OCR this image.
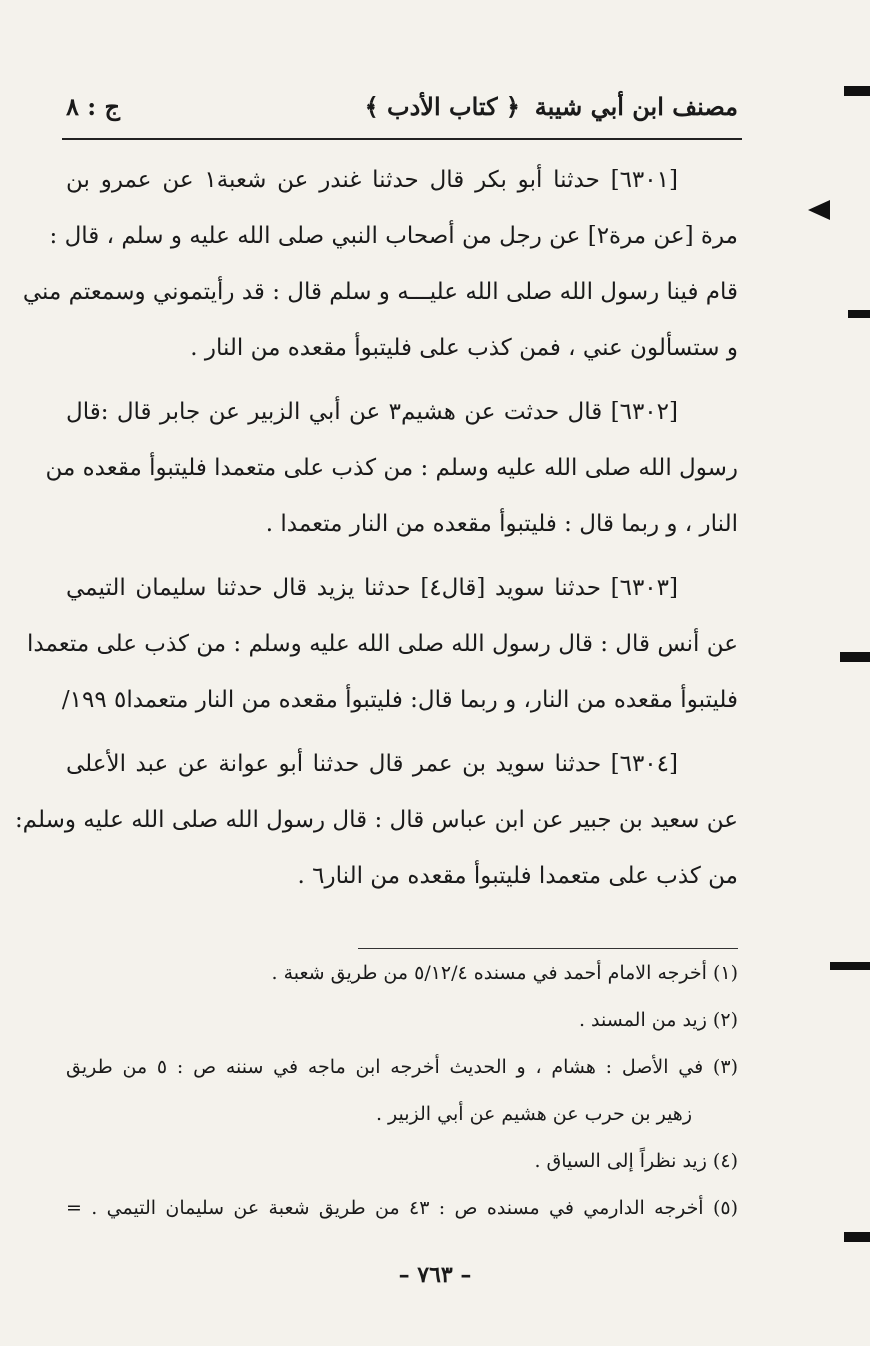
مصنف ابن أبي شيبة
﴿ كتاب الأدب ﴾
ج : ٨
[٦٣٠١] حدثنا أبو بكر قال حدثنا غندر عن شعبة١ عن عمرو بن
مرة [عن مرة٢] عن رجل من أصحاب النبي صلى الله عليه و سلم ، قال :
قام فينا رسول الله صلى الله عليـــه و سلم قال : قد رأيتموني وسمعتم مني
و ستسألون عني ، فمن كذب على فليتبوأ مقعده من النار .
[٦٣٠٢] قال حدثت عن هشيم٣ عن أبي الزبير عن جابر قال :قال
رسول الله صلى الله عليه وسلم : من كذب على متعمدا فليتبوأ مقعده من
النار ، و ربما قال : فليتبوأ مقعده من النار متعمدا .
[٦٣٠٣] حدثنا سويد [قال٤] حدثنا يزيد قال حدثنا سليمان التيمي
عن أنس قال : قال رسول الله صلى الله عليه وسلم : من كذب على متعمدا
فليتبوأ مقعده من النار، و ربما قال: فليتبوأ مقعده من النار متعمدا٥ ١٩٩/
[٦٣٠٤] حدثنا سويد بن عمر قال حدثنا أبو عوانة عن عبد الأعلى
عن سعيد بن جبير عن ابن عباس قال : قال رسول الله صلى الله عليه وسلم:
من كذب على متعمدا فليتبوأ مقعده من النار٦ .
(١) أخرجه الامام أحمد في مسنده ٥/١٢/٤ من طريق شعبة .
(٢) زيد من المسند .
(٣) في الأصل : هشام ، و الحديث أخرجه ابن ماجه في سننه ص : ٥ من طريق
زهير بن حرب عن هشيم عن أبي الزبير .
(٤) زيد نظراً إلى السياق .
(٥) أخرجه الدارمي في مسنده ص : ٤٣ من طريق شعبة عن سليمان التيمي . =
– ٧٦٣ –
